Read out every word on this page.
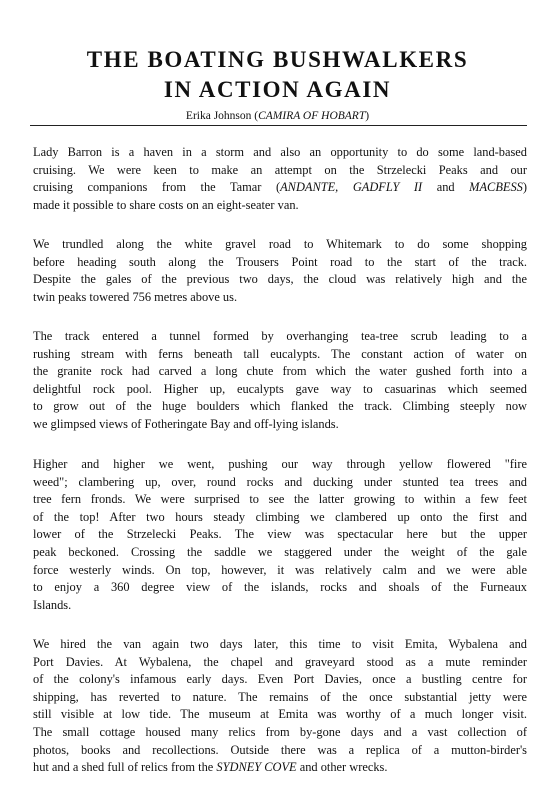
THE BOATING BUSHWALKERS
IN ACTION AGAIN
Erika Johnson (CAMIRA OF HOBART)
Lady Barron is a haven in a storm and also an opportunity to do some land-based
cruising. We were keen to make an attempt on the Strzelecki Peaks and our
cruising companions from the Tamar (ANDANTE, GADFLY II and MACBESS)
made it possible to share costs on an eight-seater van.
We trundled along the white gravel road to Whitemark to do some shopping
before heading south along the Trousers Point road to the start of the track.
Despite the gales of the previous two days, the cloud was relatively high and the
twin peaks towered 756 metres above us.
The track entered a tunnel formed by overhanging tea-tree scrub leading to a
rushing stream with ferns beneath tall eucalypts. The constant action of water on
the granite rock had carved a long chute from which the water gushed forth into a
delightful rock pool. Higher up, eucalypts gave way to casuarinas which seemed
to grow out of the huge boulders which flanked the track. Climbing steeply now
we glimpsed views of Fotheringate Bay and off-lying islands.
Higher and higher we went, pushing our way through yellow flowered "fire
weed"; clambering up, over, round rocks and ducking under stunted tea trees and
tree fern fronds. We were surprised to see the latter growing to within a few feet
of the top! After two hours steady climbing we clambered up onto the first and
lower of the Strzelecki Peaks. The view was spectacular here but the upper
peak beckoned. Crossing the saddle we staggered under the weight of the gale
force westerly winds. On top, however, it was relatively calm and we were able
to enjoy a 360 degree view of the islands, rocks and shoals of the Furneaux
Islands.
We hired the van again two days later, this time to visit Emita, Wybalena and
Port Davies. At Wybalena, the chapel and graveyard stood as a mute reminder
of the colony's infamous early days. Even Port Davies, once a bustling centre for
shipping, has reverted to nature. The remains of the once substantial jetty were
still visible at low tide. The museum at Emita was worthy of a much longer visit.
The small cottage housed many relics from by-gone days and a vast collection of
photos, books and recollections. Outside there was a replica of a mutton-birder's
hut and a shed full of relics from the SYDNEY COVE and other wrecks.
